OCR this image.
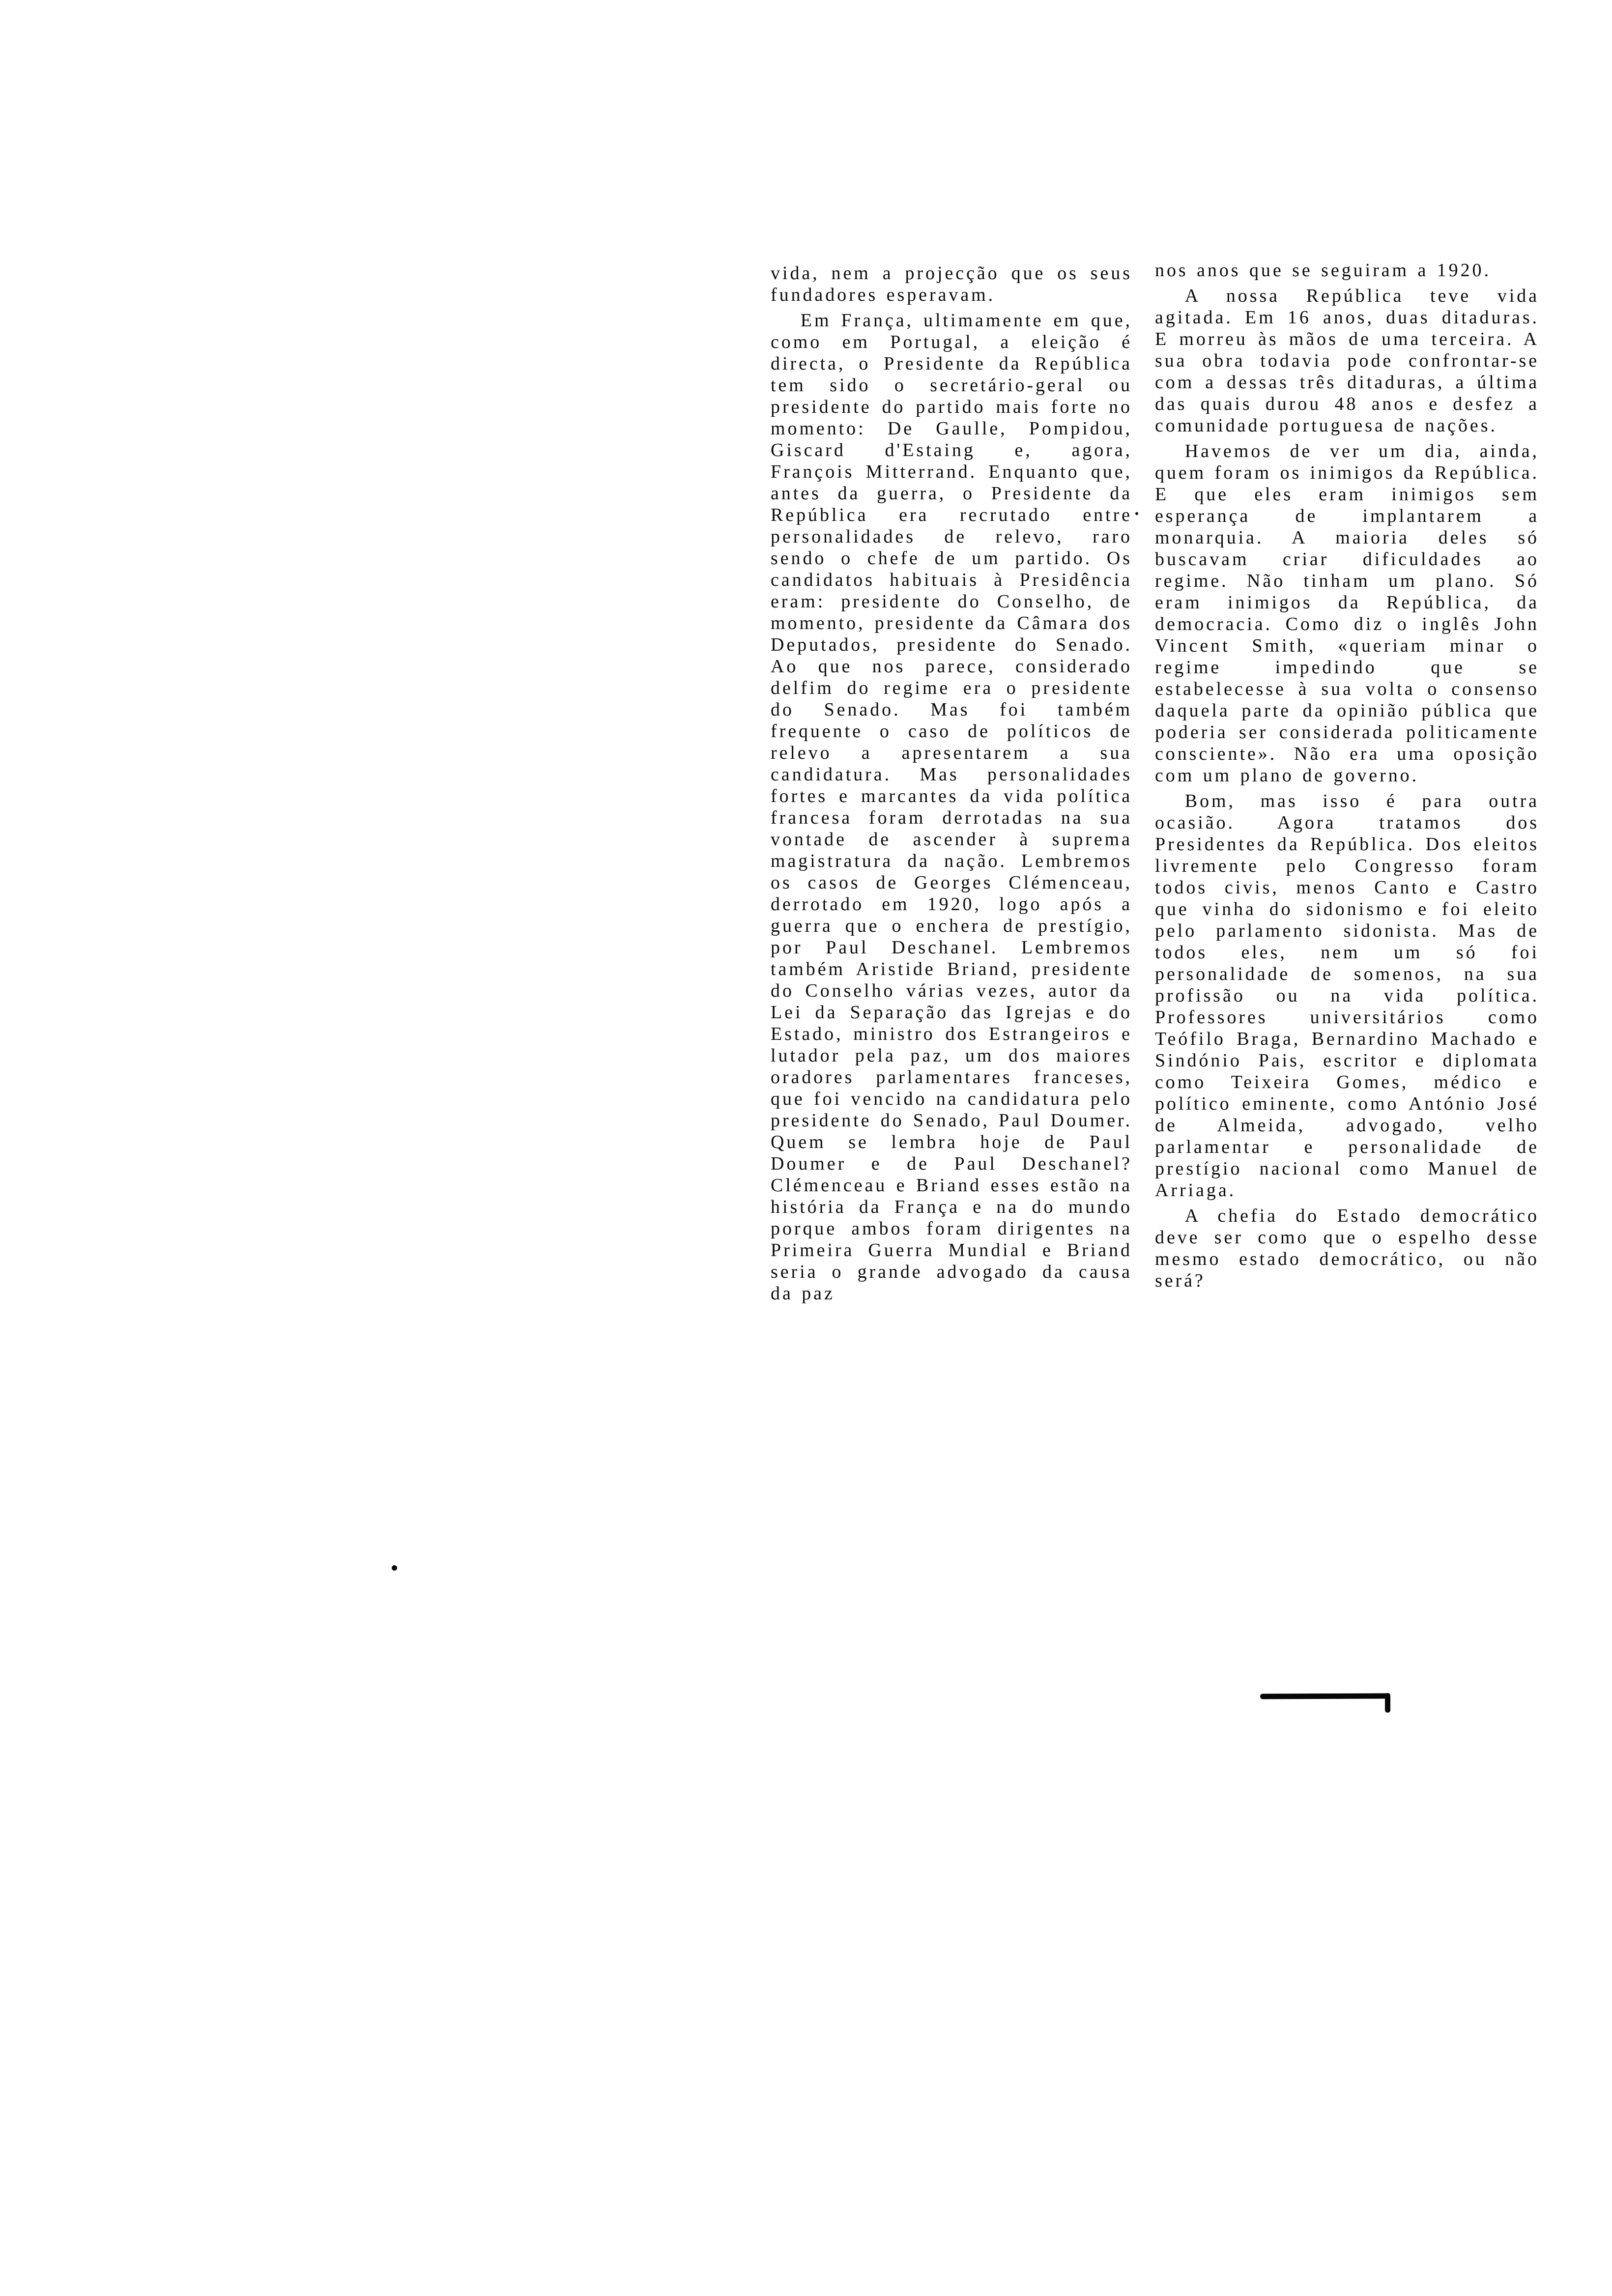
vida, nem a projecção que os seus fundadores esperavam.

Em França, ultimamente em que, como em Portugal, a eleição é directa, o Presidente da República tem sido o secretário-geral ou presidente do partido mais forte no momento: De Gaulle, Pompidou, Giscard d'Estaing e, agora, François Mitterrand. Enquanto que, antes da guerra, o Presidente da República era recrutado entre personalidades de relevo, raro sendo o chefe de um partido. Os candidatos habituais à Presidência eram: presidente do Conselho, de momento, presidente da Câmara dos Deputados, presidente do Senado. Ao que nos parece, considerado delfim do regime era o presidente do Senado. Mas foi também frequente o caso de políticos de relevo a apresentarem a sua candidatura. Mas personalidades fortes e marcantes da vida política francesa foram derrotadas na sua vontade de ascender à suprema magistratura da nação. Lembremos os casos de Georges Clémenceau, derrotado em 1920, logo após a guerra que o enchera de prestígio, por Paul Deschanel. Lembremos também Aristide Briand, presidente do Conselho várias vezes, autor da Lei da Separação das Igrejas e do Estado, ministro dos Estrangeiros e lutador pela paz, um dos maiores oradores parlamentares franceses, que foi vencido na candidatura pelo presidente do Senado, Paul Doumer. Quem se lembra hoje de Paul Doumer e de Paul Deschanel? Clémenceau e Briand esses estão na história da França e na do mundo porque ambos foram dirigentes na Primeira Guerra Mundial e Briand seria o grande advogado da causa da paz

nos anos que se seguiram a 1920.

A nossa República teve vida agitada. Em 16 anos, duas ditaduras. E morreu às mãos de uma terceira. A sua obra todavia pode confrontar-se com a dessas três ditaduras, a última das quais durou 48 anos e desfez a comunidade portuguesa de nações.

Havemos de ver um dia, ainda, quem foram os inimigos da República. E que eles eram inimigos sem esperança de implantarem a monarquia. A maioria deles só buscavam criar dificuldades ao regime. Não tinham um plano. Só eram inimigos da República, da democracia. Como diz o inglês John Vincent Smith, «queriam minar o regime impedindo que se estabelecesse à sua volta o consenso daquela parte da opinião pública que poderia ser considerada politicamente consciente». Não era uma oposição com um plano de governo.

Bom, mas isso é para outra ocasião. Agora tratamos dos Presidentes da República. Dos eleitos livremente pelo Congresso foram todos civis, menos Canto e Castro que vinha do sidonismo e foi eleito pelo parlamento sidonista. Mas de todos eles, nem um só foi personalidade de somenos, na sua profissão ou na vida política. Professores universitários como Teófilo Braga, Bernardino Machado e Sindónio Pais, escritor e diplomata como Teixeira Gomes, médico e político eminente, como António José de Almeida, advogado, velho parlamentar e personalidade de prestígio nacional como Manuel de Arriaga.

A chefia do Estado democrático deve ser como que o espelho desse mesmo estado democrático, ou não será?
